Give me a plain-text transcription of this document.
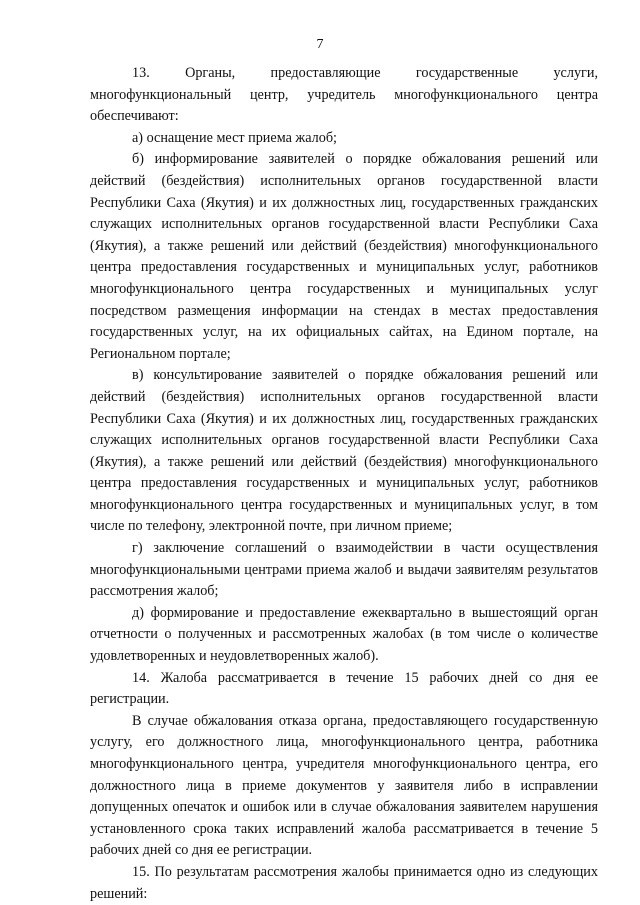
7

13. Органы, предоставляющие государственные услуги, многофункциональный центр, учредитель многофункционального центра обеспечивают:

а) оснащение мест приема жалоб;

б) информирование заявителей о порядке обжалования решений или действий (бездействия) исполнительных органов государственной власти Республики Саха (Якутия) и их должностных лиц, государственных гражданских служащих исполнительных органов государственной власти Республики Саха (Якутия), а также решений или действий (бездействия) многофункционального центра предоставления государственных и муниципальных услуг, работников многофункционального центра государственных и муниципальных услуг посредством размещения информации на стендах в местах предоставления государственных услуг, на их официальных сайтах, на Едином портале, на Региональном портале;

в) консультирование заявителей о порядке обжалования решений или действий (бездействия) исполнительных органов государственной власти Республики Саха (Якутия) и их должностных лиц, государственных гражданских служащих исполнительных органов государственной власти Республики Саха (Якутия), а также решений или действий (бездействия) многофункционального центра предоставления государственных и муниципальных услуг, работников многофункционального центра государственных и муниципальных услуг, в том числе по телефону, электронной почте, при личном приеме;

г) заключение соглашений о взаимодействии в части осуществления многофункциональными центрами приема жалоб и выдачи заявителям результатов рассмотрения жалоб;

д) формирование и предоставление ежеквартально в вышестоящий орган отчетности о полученных и рассмотренных жалобах (в том числе о количестве удовлетворенных и неудовлетворенных жалоб).

14. Жалоба рассматривается в течение 15 рабочих дней со дня ее регистрации.

В случае обжалования отказа органа, предоставляющего государственную услугу, его должностного лица, многофункционального центра, работника многофункционального центра, учредителя многофункционального центра, его должностного лица в приеме документов у заявителя либо в исправлении допущенных опечаток и ошибок или в случае обжалования заявителем нарушения установленного срока таких исправлений жалоба рассматривается в течение 5 рабочих дней со дня ее регистрации.

15. По результатам рассмотрения жалобы принимается одно из следующих решений:
